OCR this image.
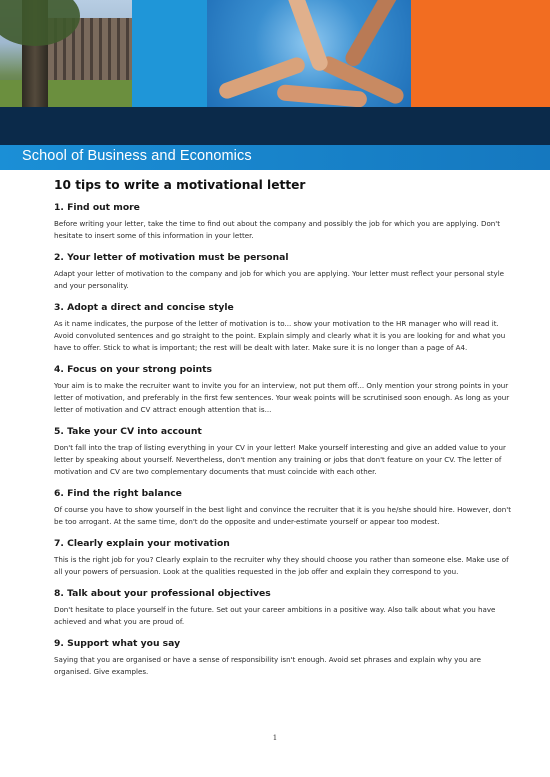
School of Business and Economics
10 tips to write a motivational letter
1. Find out more

Before writing your letter, take the time to find out about the company and possibly the job for which you are applying. Don't hesitate to insert some of this information in your letter.

2. Your letter of motivation must be personal

Adapt your letter of motivation to the company and job for which you are applying. Your letter must reflect your personal style and your personality.

3. Adopt a direct and concise style

As it name indicates, the purpose of the letter of motivation is to... show your motivation to the HR manager who will read it. Avoid convoluted sentences and go straight to the point. Explain simply and clearly what it is you are looking for and what you have to offer. Stick to what is important; the rest will be dealt with later. Make sure it is no longer than a page of A4.

4. Focus on your strong points

Your aim is to make the recruiter want to invite you for an interview, not put them off... Only mention your strong points in your letter of motivation, and preferably in the first few sentences. Your weak points will be scrutinised soon enough. As long as your letter of motivation and CV attract enough attention that is...

5. Take your CV into account

Don't fall into the trap of listing everything in your CV in your letter! Make yourself interesting and give an added value to your letter by speaking about yourself. Nevertheless, don't mention any training or jobs that don't feature on your CV. The letter of motivation and CV are two complementary documents that must coincide with each other.

6. Find the right balance

Of course you have to show yourself in the best light and convince the recruiter that it is you he/she should hire. However, don't be too arrogant. At the same time, don't do the opposite and under-estimate yourself or appear too modest.

7. Clearly explain your motivation

This is the right job for you? Clearly explain to the recruiter why they should choose you rather than someone else. Make use of all your powers of persuasion. Look at the qualities requested in the job offer and explain they correspond to you.

8. Talk about your professional objectives

Don't hesitate to place yourself in the future. Set out your career ambitions in a positive way. Also talk about what you have achieved and what you are proud of.

9. Support what you say

Saying that you are organised or have a sense of responsibility isn't enough. Avoid set phrases and explain why you are organised. Give examples.

1
